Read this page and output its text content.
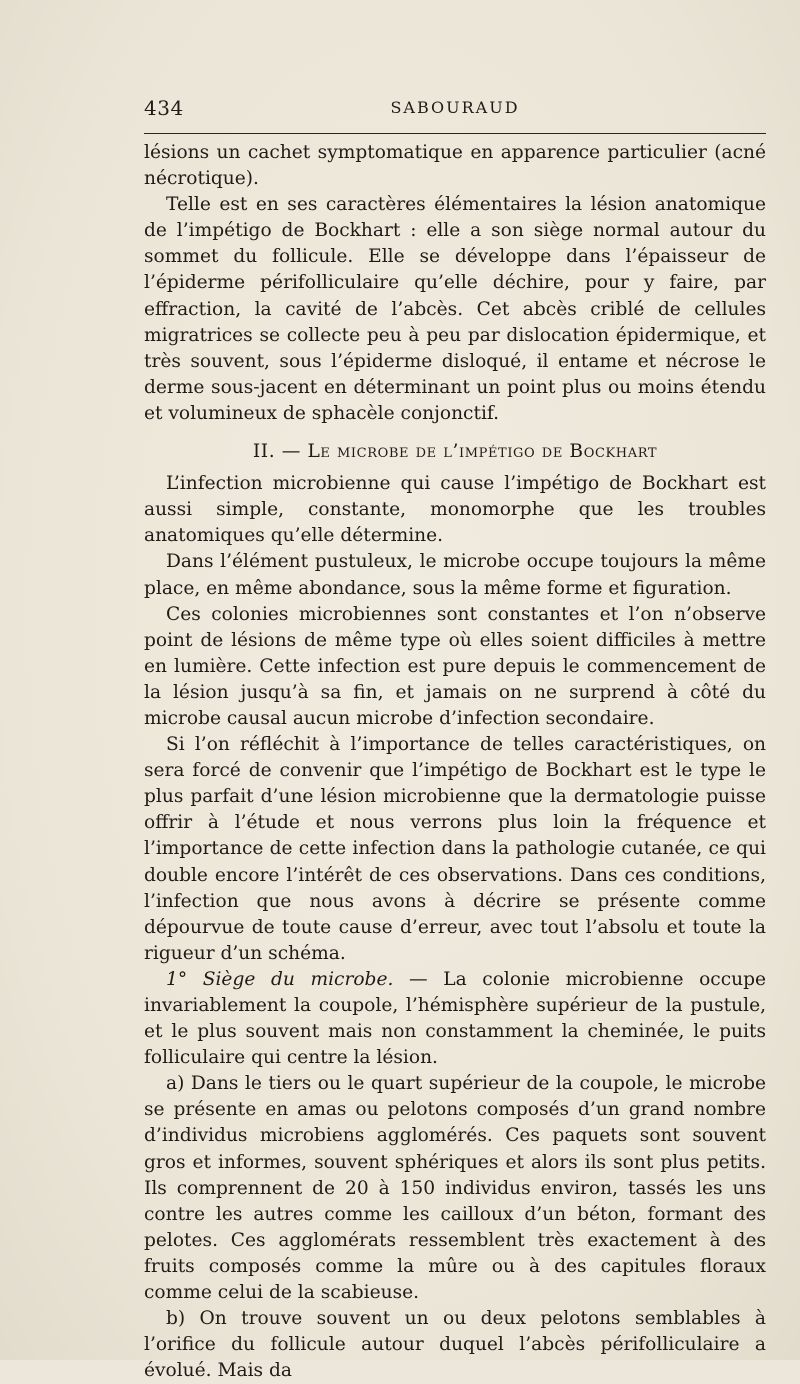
434	SABOURAUD

lésions un cachet symptomatique en apparence particulier (acné nécrotique).

Telle est en ses caractères élémentaires la lésion anatomique de l’impétigo de Bockhart : elle a son siège normal autour du sommet du follicule. Elle se développe dans l’épaisseur de l’épiderme périfolliculaire qu’elle déchire, pour y faire, par effraction, la cavité de l’abcès. Cet abcès criblé de cellules migratrices se collecte peu à peu par dislocation épidermique, et très souvent, sous l’épiderme disloqué, il entame et nécrose le derme sous-jacent en déterminant un point plus ou moins étendu et volumineux de sphacèle conjonctif.

II. — Le microbe de l’impétigo de Bockhart

L’infection microbienne qui cause l’impétigo de Bockhart est aussi simple, constante, monomorphe que les troubles anatomiques qu’elle détermine.

Dans l’élément pustuleux, le microbe occupe toujours la même place, en même abondance, sous la même forme et figuration.

Ces colonies microbiennes sont constantes et l’on n’observe point de lésions de même type où elles soient difficiles à mettre en lumière. Cette infection est pure depuis le commencement de la lésion jusqu’à sa fin, et jamais on ne surprend à côté du microbe causal aucun microbe d’infection secondaire.

Si l’on réfléchit à l’importance de telles caractéristiques, on sera forcé de convenir que l’impétigo de Bockhart est le type le plus parfait d’une lésion microbienne que la dermatologie puisse offrir à l’étude et nous verrons plus loin la fréquence et l’importance de cette infection dans la pathologie cutanée, ce qui double encore l’intérêt de ces observations. Dans ces conditions, l’infection que nous avons à décrire se présente comme dépourvue de toute cause d’erreur, avec tout l’absolu et toute la rigueur d’un schéma.

1° Siège du microbe. — La colonie microbienne occupe invariablement la coupole, l’hémisphère supérieur de la pustule, et le plus souvent mais non constamment la cheminée, le puits folliculaire qui centre la lésion.

a) Dans le tiers ou le quart supérieur de la coupole, le microbe se présente en amas ou pelotons composés d’un grand nombre d’individus microbiens agglomérés. Ces paquets sont souvent gros et informes, souvent sphériques et alors ils sont plus petits. Ils comprennent de 20 à 150 individus environ, tassés les uns contre les autres comme les cailloux d’un béton, formant des pelotes. Ces agglomérats ressemblent très exactement à des fruits composés comme la mûre ou à des capitules floraux comme celui de la scabieuse.

b) On trouve souvent un ou deux pelotons semblables à l’orifice du follicule autour duquel l’abcès périfolliculaire a évolué. Mais da
